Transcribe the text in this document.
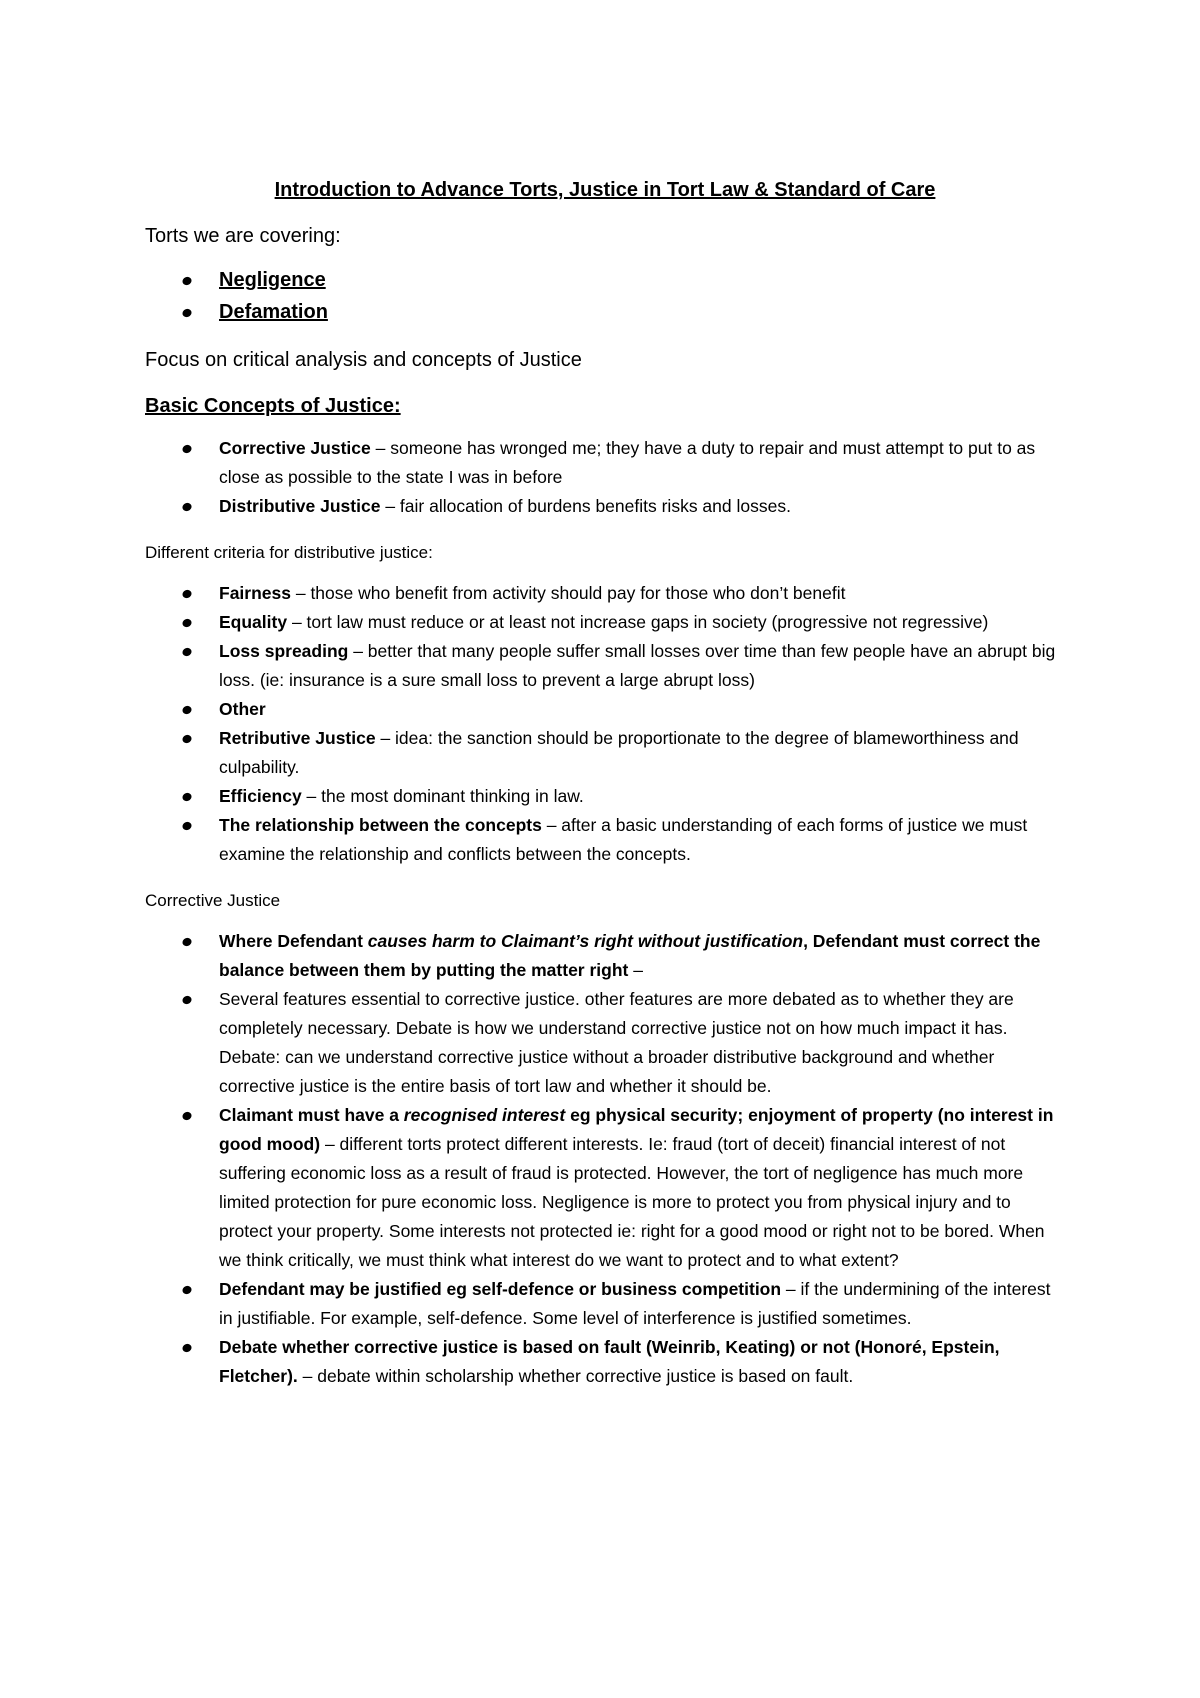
Introduction to Advance Torts, Justice in Tort Law & Standard of Care

Torts we are covering:

Negligence
Defamation

Focus on critical analysis and concepts of Justice

Basic Concepts of Justice:

Corrective Justice – someone has wronged me; they have a duty to repair and must attempt to put to as close as possible to the state I was in before
Distributive Justice – fair allocation of burdens benefits risks and losses.

Different criteria for distributive justice:

Fairness – those who benefit from activity should pay for those who don’t benefit
Equality – tort law must reduce or at least not increase gaps in society (progressive not regressive)
Loss spreading – better that many people suffer small losses over time than few people have an abrupt big loss. (ie: insurance is a sure small loss to prevent a large abrupt loss)
Other
Retributive Justice – idea: the sanction should be proportionate to the degree of blameworthiness and culpability.
Efficiency – the most dominant thinking in law.
The relationship between the concepts – after a basic understanding of each forms of justice we must examine the relationship and conflicts between the concepts.

Corrective Justice

Where Defendant causes harm to Claimant’s right without justification, Defendant must correct the balance between them by putting the matter right –
Several features essential to corrective justice. other features are more debated as to whether they are completely necessary. Debate is how we understand corrective justice not on how much impact it has. Debate: can we understand corrective justice without a broader distributive background and whether corrective justice is the entire basis of tort law and whether it should be.
Claimant must have a recognised interest eg physical security; enjoyment of property (no interest in good mood) – different torts protect different interests. Ie: fraud (tort of deceit) financial interest of not suffering economic loss as a result of fraud is protected. However, the tort of negligence has much more limited protection for pure economic loss. Negligence is more to protect you from physical injury and to protect your property. Some interests not protected ie: right for a good mood or right not to be bored. When we think critically, we must think what interest do we want to protect and to what extent?
Defendant may be justified eg self-defence or business competition – if the undermining of the interest in justifiable. For example, self-defence. Some level of interference is justified sometimes.
Debate whether corrective justice is based on fault (Weinrib, Keating) or not (Honoré, Epstein, Fletcher). – debate within scholarship whether corrective justice is based on fault.
